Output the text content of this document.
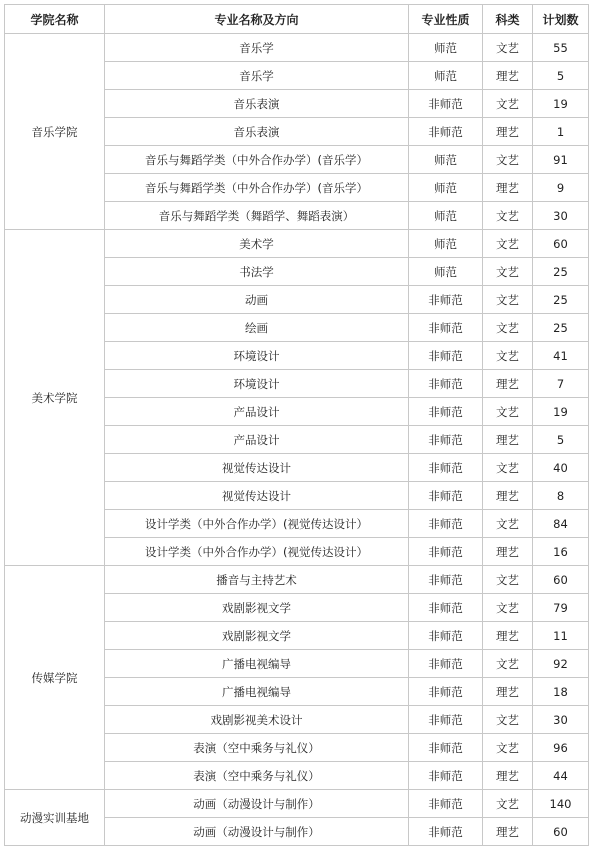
学院名称	专业名称及方向	专业性质	科类	计划数
音乐学院	音乐学	师范	文艺	55
	音乐学	师范	理艺	5
	音乐表演	非师范	文艺	19
	音乐表演	非师范	理艺	1
	音乐与舞蹈学类（中外合作办学）(音乐学）	师范	文艺	91
	音乐与舞蹈学类（中外合作办学）(音乐学）	师范	理艺	9
	音乐与舞蹈学类（舞蹈学、舞蹈表演）	师范	文艺	30
美术学院	美术学	师范	文艺	60
	书法学	师范	文艺	25
	动画	非师范	文艺	25
	绘画	非师范	文艺	25
	环境设计	非师范	文艺	41
	环境设计	非师范	理艺	7
	产品设计	非师范	文艺	19
	产品设计	非师范	理艺	5
	视觉传达设计	非师范	文艺	40
	视觉传达设计	非师范	理艺	8
	设计学类（中外合作办学）(视觉传达设计）	非师范	文艺	84
	设计学类（中外合作办学）(视觉传达设计）	非师范	理艺	16
传媒学院	播音与主持艺术	非师范	文艺	60
	戏剧影视文学	非师范	文艺	79
	戏剧影视文学	非师范	理艺	11
	广播电视编导	非师范	文艺	92
	广播电视编导	非师范	理艺	18
	戏剧影视美术设计	非师范	文艺	30
	表演（空中乘务与礼仪）	非师范	文艺	96
	表演（空中乘务与礼仪）	非师范	理艺	44
动漫实训基地	动画（动漫设计与制作）	非师范	文艺	140
	动画（动漫设计与制作）	非师范	理艺	60
